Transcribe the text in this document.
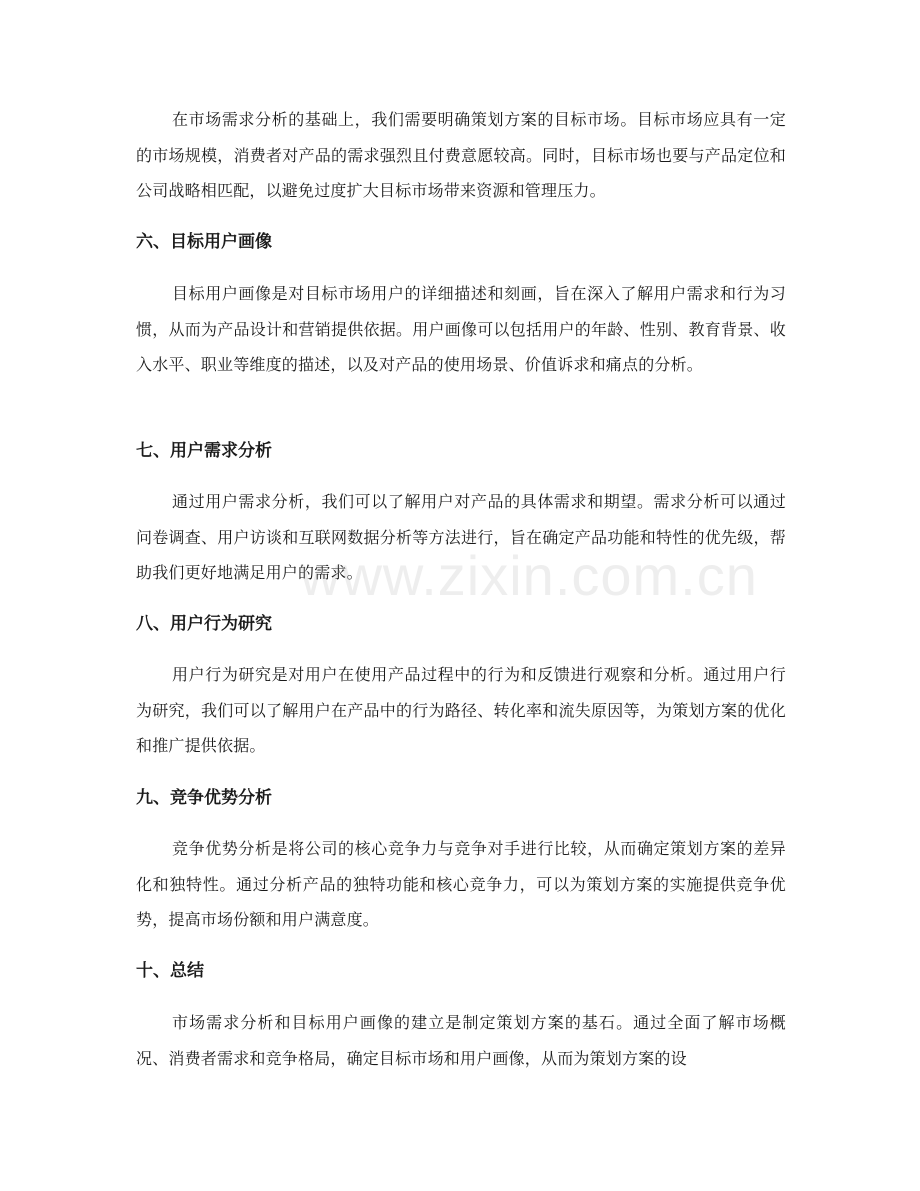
在市场需求分析的基础上，我们需要明确策划方案的目标市场。目标市场应具有一定的市场规模，消费者对产品的需求强烈且付费意愿较高。同时，目标市场也要与产品定位和公司战略相匹配，以避免过度扩大目标市场带来资源和管理压力。

六、目标用户画像

目标用户画像是对目标市场用户的详细描述和刻画，旨在深入了解用户需求和行为习惯，从而为产品设计和营销提供依据。用户画像可以包括用户的年龄、性别、教育背景、收入水平、职业等维度的描述，以及对产品的使用场景、价值诉求和痛点的分析。

七、用户需求分析

通过用户需求分析，我们可以了解用户对产品的具体需求和期望。需求分析可以通过问卷调查、用户访谈和互联网数据分析等方法进行，旨在确定产品功能和特性的优先级，帮助我们更好地满足用户的需求。

八、用户行为研究

用户行为研究是对用户在使用产品过程中的行为和反馈进行观察和分析。通过用户行为研究，我们可以了解用户在产品中的行为路径、转化率和流失原因等，为策划方案的优化和推广提供依据。

九、竞争优势分析

竞争优势分析是将公司的核心竞争力与竞争对手进行比较，从而确定策划方案的差异化和独特性。通过分析产品的独特功能和核心竞争力，可以为策划方案的实施提供竞争优势，提高市场份额和用户满意度。

十、总结

市场需求分析和目标用户画像的建立是制定策划方案的基石。通过全面了解市场概况、消费者需求和竞争格局，确定目标市场和用户画像，从而为策划方案的设

www.zixin.com.cn
